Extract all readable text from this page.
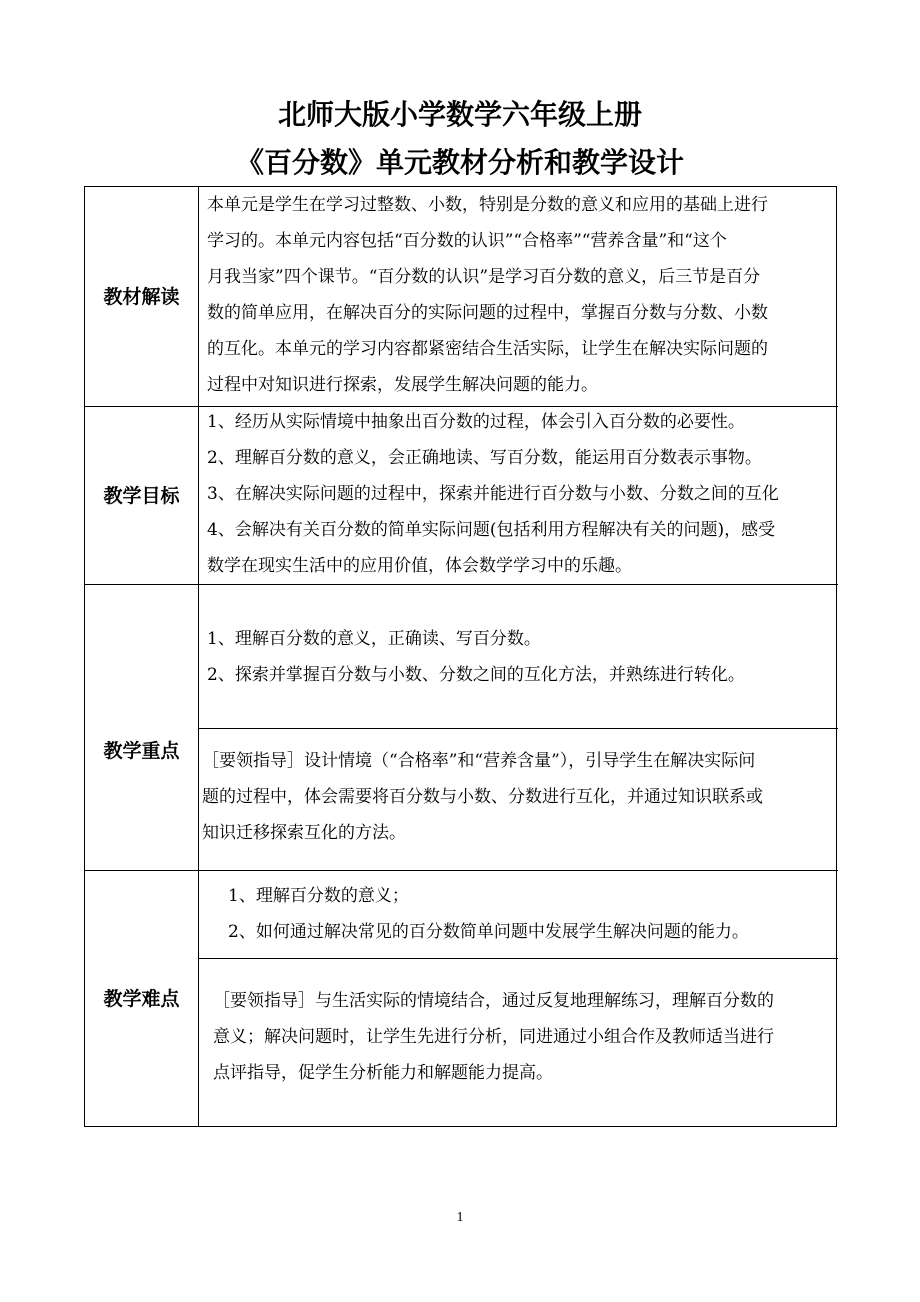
北师大版小学数学六年级上册
《百分数》单元教材分析和教学设计
教材解读
本单元是学生在学习过整数、小数，特别是分数的意义和应用的基础上进行
学习的。本单元内容包括“百分数的认识”“合格率”“营养含量”和“这个
月我当家”四个课节。“百分数的认识”是学习百分数的意义，后三节是百分
数的简单应用，在解决百分的实际问题的过程中，掌握百分数与分数、小数
的互化。本单元的学习内容都紧密结合生活实际，让学生在解决实际问题的
过程中对知识进行探索，发展学生解决问题的能力。
教学目标
1、经历从实际情境中抽象出百分数的过程，体会引入百分数的必要性。
2、理解百分数的意义，会正确地读、写百分数，能运用百分数表示事物。
3、在解决实际问题的过程中，探索并能进行百分数与小数、分数之间的互化
4、会解决有关百分数的简单实际问题(包括利用方程解决有关的问题)，感受
数学在现实生活中的应用价值，体会数学学习中的乐趣。
教学重点
1、理解百分数的意义，正确读、写百分数。
2、探索并掌握百分数与小数、分数之间的互化方法，并熟练进行转化。
［要领指导］设计情境（“合格率”和“营养含量”），引导学生在解决实际问
题的过程中，体会需要将百分数与小数、分数进行互化，并通过知识联系或
知识迁移探索互化的方法。
教学难点
1、理解百分数的意义；
2、如何通过解决常见的百分数简单问题中发展学生解决问题的能力。
［要领指导］与生活实际的情境结合，通过反复地理解练习，理解百分数的
意义；解决问题时，让学生先进行分析，同进通过小组合作及教师适当进行
点评指导，促学生分析能力和解题能力提高。
1
